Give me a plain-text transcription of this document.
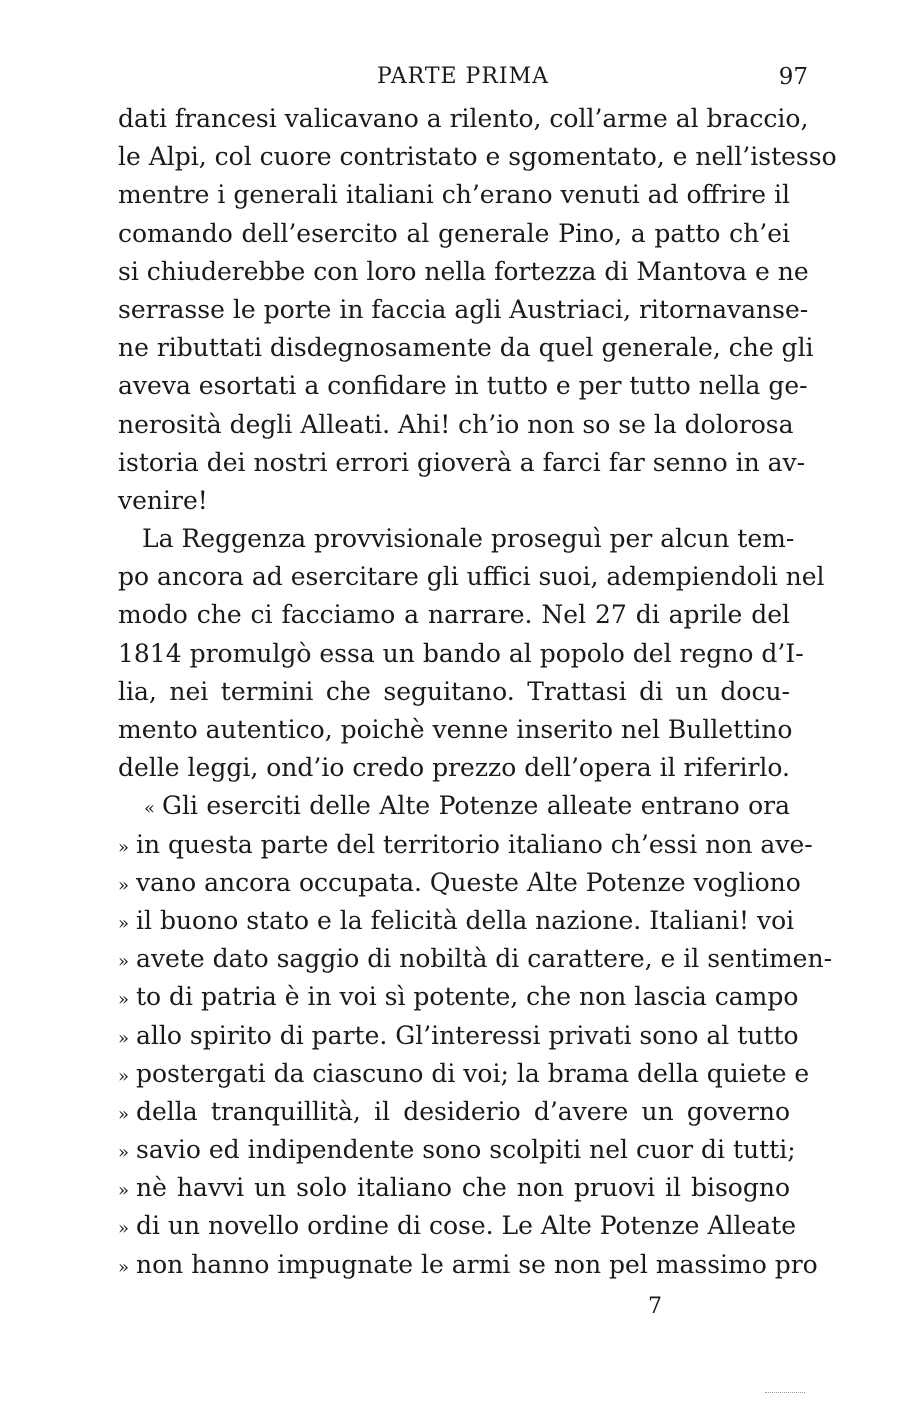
PARTE PRIMA	97
dati francesi valicavano a rilento, coll’arme al braccio,
le Alpi, col cuore contristato e sgomentato, e nell’istesso
mentre i generali italiani ch’erano venuti ad offrire il
comando dell’esercito al generale Pino, a patto ch’ei
si chiuderebbe con loro nella fortezza di Mantova e ne
serrasse le porte in faccia agli Austriaci, ritornavanse-
ne ributtati disdegnosamente da quel generale, che gli
aveva esortati a confidare in tutto e per tutto nella ge-
nerosità degli Alleati. Ahi! ch’io non so se la dolorosa
istoria dei nostri errori gioverà a farci far senno in av-
venire!
La Reggenza provvisionale proseguì per alcun tem-
po ancora ad esercitare gli uffici suoi, adempiendoli nel
modo che ci facciamo a narrare. Nel 27 di aprile del
1814 promulgò essa un bando al popolo del regno d’I-
lia, nei termini che seguitano. Trattasi di un docu-
mento autentico, poichè venne inserito nel Bullettino
delle leggi, ond’io credo prezzo dell’opera il riferirlo.
« Gli eserciti delle Alte Potenze alleate entrano ora
» in questa parte del territorio italiano ch’essi non ave-
» vano ancora occupata. Queste Alte Potenze vogliono
» il buono stato e la felicità della nazione. Italiani! voi
» avete dato saggio di nobiltà di carattere, e il sentimen-
» to di patria è in voi sì potente, che non lascia campo
» allo spirito di parte. Gl’interessi privati sono al tutto
» postergati da ciascuno di voi; la brama della quiete e
» della tranquillità, il desiderio d’avere un governo
» savio ed indipendente sono scolpiti nel cuor di tutti;
» nè havvi un solo italiano che non pruovi il bisogno
» di un novello ordine di cose. Le Alte Potenze Alleate
» non hanno impugnate le armi se non pel massimo pro
7
